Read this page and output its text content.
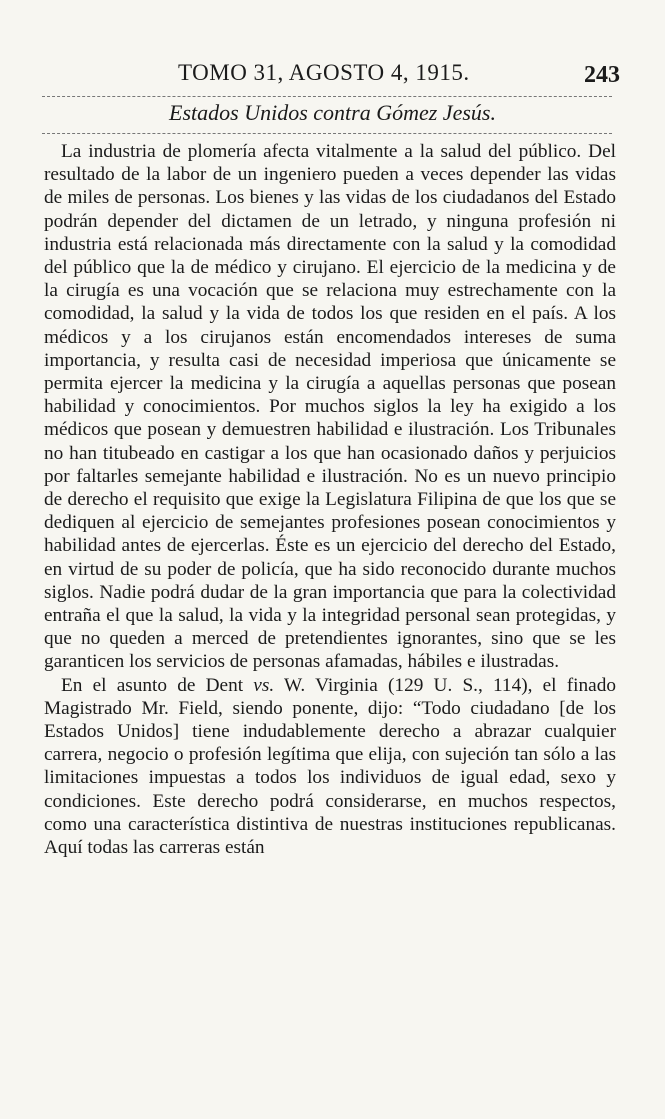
TOMO 31, AGOSTO 4, 1915.	243
Estados Unidos contra Gómez Jesús.

La industria de plomería afecta vitalmente a la salud del público. Del resultado de la labor de un ingeniero pueden a veces depender las vidas de miles de personas. Los bienes y las vidas de los ciudadanos del Estado podrán depender del dictamen de un letrado, y ninguna profesión ni industria está relacionada más directamente con la salud y la comodidad del público que la de médico y cirujano. El ejercicio de la medicina y de la cirugía es una vocación que se relaciona muy estrechamente con la comodidad, la salud y la vida de todos los que residen en el país. A los médicos y a los cirujanos están encomendados intereses de suma importancia, y resulta casi de necesidad imperiosa que únicamente se permita ejercer la medicina y la cirugía a aquellas personas que posean habilidad y conocimientos. Por muchos siglos la ley ha exigido a los médicos que posean y demuestren habilidad e ilustración. Los Tribunales no han titubeado en castigar a los que han ocasionado daños y perjuicios por faltarles semejante habilidad e ilustración. No es un nuevo principio de derecho el requisito que exige la Legislatura Filipina de que los que se dediquen al ejercicio de semejantes profesiones posean conocimientos y habilidad antes de ejercerlas. Éste es un ejercicio del derecho del Estado, en virtud de su poder de policía, que ha sido reconocido durante muchos siglos. Nadie podrá dudar de la gran importancia que para la colectividad entraña el que la salud, la vida y la integridad personal sean protegidas, y que no queden a merced de pretendientes ignorantes, sino que se les garanticen los servicios de personas afamadas, hábiles e ilustradas.

En el asunto de Dent vs. W. Virginia (129 U. S., 114), el finado Magistrado Mr. Field, siendo ponente, dijo: “Todo ciudadano [de los Estados Unidos] tiene indudablemente derecho a abrazar cualquier carrera, negocio o profesión legítima que elija, con sujeción tan sólo a las limitaciones impuestas a todos los individuos de igual edad, sexo y condiciones. Este derecho podrá considerarse, en muchos respectos, como una característica distintiva de nuestras instituciones republicanas. Aquí todas las carreras están
